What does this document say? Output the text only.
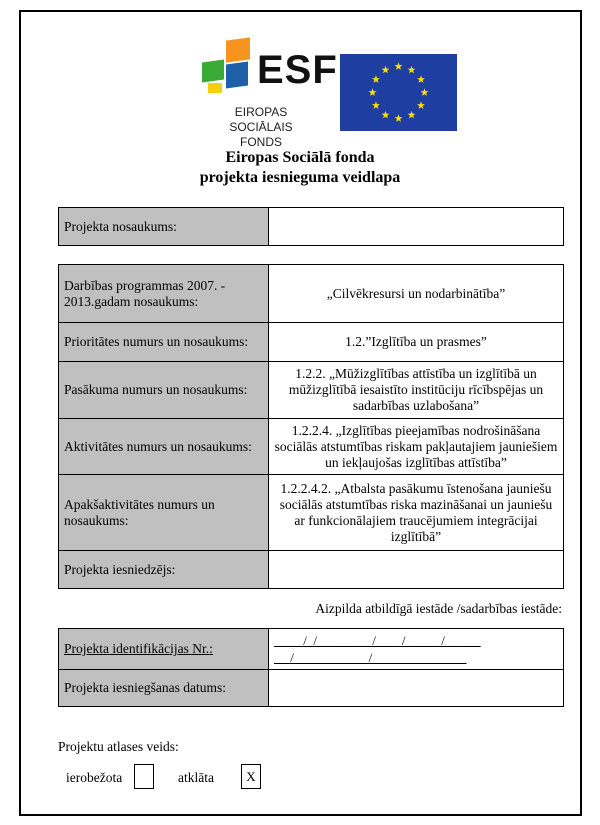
ESF
EIROPAS SOCIĀLAIS
FONDS
Eiropas Sociālā fonda
projekta iesnieguma veidlapa
Projekta nosaukums:	
Darbības programmas 2007. - 2013.gadam nosaukums:	„Cilvēkresursi un nodarbinātība”
Prioritātes numurs un nosaukums:	1.2.”Izglītība un prasmes”
Pasākuma numurs un nosaukums:	1.2.2. „Mūžizglītības attīstība un izglītībā un mūžizglītībā iesaistīto institūciju rīcībspējas un sadarbības uzlabošana”
Aktivitātes numurs un nosaukums:	1.2.2.4. „Izglītības pieejamības nodrošināšana sociālās atstumtības riskam pakļautajiem jauniešiem un iekļaujošas izglītības attīstība”
Apakšaktivitātes numurs un nosaukums:	1.2.2.4.2. „Atbalsta pasākumu īstenošana jauniešu sociālās atstumtības riska mazināšanai un jauniešu ar funkcionālajiem traucējumiem integrācijai izglītībā”
Projekta iesniedzējs:	
Aizpilda atbildīgā iestāde /sadarbības iestāde:
Projekta identifikācijas Nr.:	_ _ _ /_/_ _ _ _ _ _/_ _ _/_ _ _ _/_ _ _ _
_ _/_ _ _ _ _ _ _ _/_ _ _ _ _ _ _ _ _ _

Projekta iesniegšanas datums:	
Projektu atlases veids:
ierobežota	atklāta	X
